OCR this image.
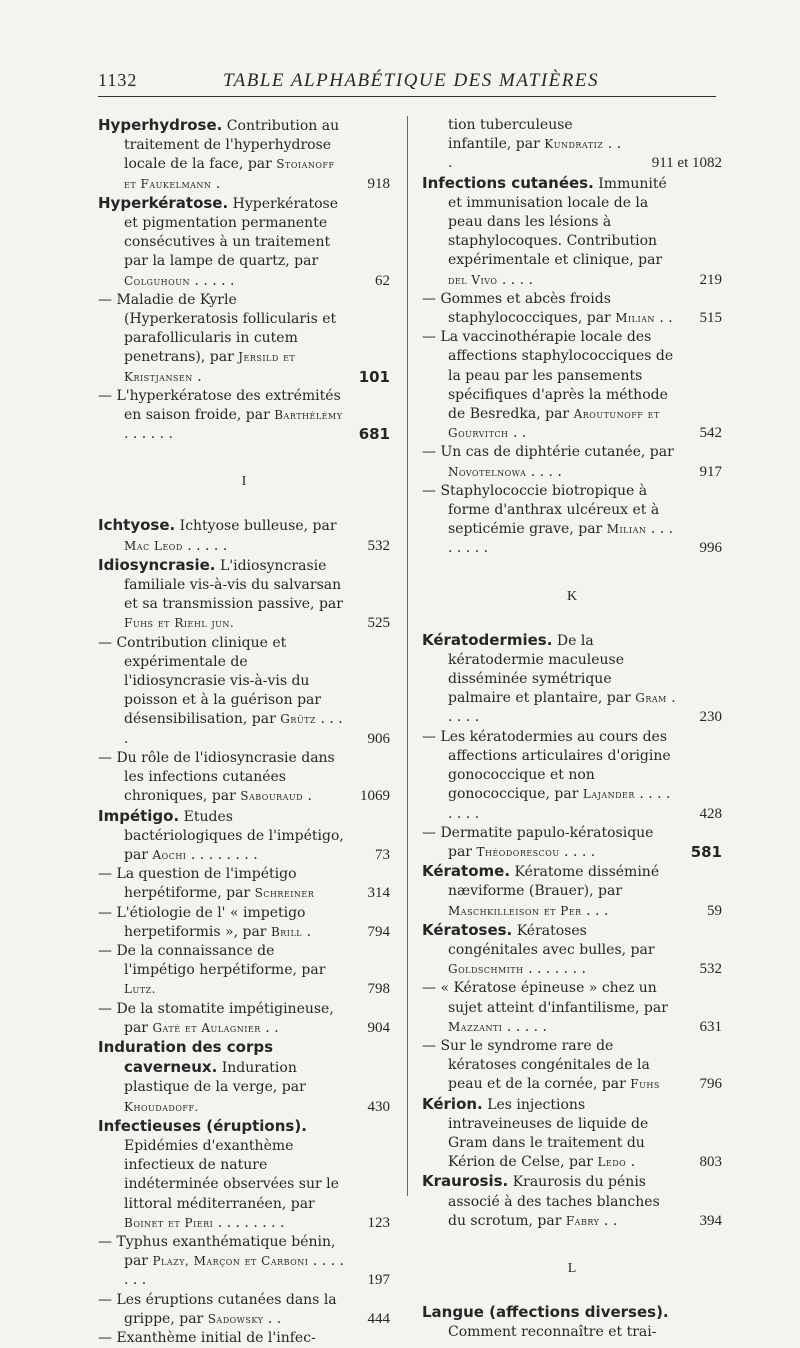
1132	TABLE ALPHABÉTIQUE DES MATIÈRES
Hyperhydrose. Contribution au traitement de l'hyperhydrose locale de la face, par Stoianoff et Faukelmann .	918
Hyperkératose. Hyperkératose et pigmentation permanente consécutives à un traitement par la lampe de quartz, par Colguhoun . . . . .	62
— Maladie de Kyrle (Hyperkeratosis follicularis et parafollicularis in cutem penetrans), par Jersild et Kristjansen .	101
— L'hyperkératose des extrémités en saison froide, par Barthélémy . . . . . .	681
I
Ichtyose. Ichtyose bulleuse, par Mac Leod . . . . .	532
Idiosyncrasie. L'idiosyncrasie familiale vis-à-vis du salvarsan et sa transmission passive, par Fuhs et Riehl jun.	525
— Contribution clinique et expérimentale de l'idiosyncrasie vis-à-vis du poisson et à la guérison par désensibilisation, par Grütz . . . .	906
— Du rôle de l'idiosyncrasie dans les infections cutanées chroniques, par Sabouraud .	1069
Impétigo. Etudes bactériologiques de l'impétigo, par Aochi . . . . . . . .	73
— La question de l'impétigo herpétiforme, par Schreiner	314
— L'étiologie de l' « impetigo herpetiformis », par Brill .	794
— De la connaissance de l'impétigo herpétiforme, par Lutz.	798
— De la stomatite impétigineuse, par Gaté et Aulagnier . .	904
Induration des corps caverneux. Induration plastique de la verge, par Khoudadoff.	430
Infectieuses (éruptions). Epidémies d'exanthème infectieux de nature indéterminée observées sur le littoral méditerranéen, par Boinet et Pieri . . . . . . . .	123
— Typhus exanthématique bénin, par Plazy, Marçon et Carboni . . . . . . .	197
— Les éruptions cutanées dans la grippe, par Sadowsky . .	444
— Exanthème initial de l'infec-
tion tuberculeuse infantile, par Kundratiz . . .	911 et 1082
Infections cutanées. Immunité et immunisation locale de la peau dans les lésions à staphylocoques. Contribution expérimentale et clinique, par del Vivo . . . .	219
— Gommes et abcès froids staphylococciques, par Milian . . 515
— La vaccinothérapie locale des affections staphylococciques de la peau par les pansements spécifiques d'après la méthode de Besredka, par Aroutunoff et Gourvitch . .	542
— Un cas de diphtérie cutanée, par Novotelnowa . . . .	917
— Staphylococcie biotropique à forme d'anthrax ulcéreux et à septicémie grave, par Milian . . . . . . . .	996
K
Kératodermies. De la kératodermie maculeuse disséminée symétrique palmaire et plantaire, par Gram . . . . .	230
— Les kératodermies au cours des affections articulaires d'origine gonococcique et non gonococcique, par Lajander . . . . . . . .	428
— Dermatite papulo-kératosique par Théodorescou . . . .	581
Kératome. Kératome disséminé næviforme (Brauer), par Maschkilleison et Per . . .	59
Kératoses. Kératoses congénitales avec bulles, par Goldschmith . . . . . . .	532
— « Kératose épineuse » chez un sujet atteint d'infantilisme, par Mazzanti . . . . .	631
— Sur le syndrome rare de kératoses congénitales de la peau et de la cornée, par Fuhs	796
Kérion. Les injections intraveineuses de liquide de Gram dans le traitement du Kérion de Celse, par Ledo .	803
Kraurosis. Kraurosis du pénis associé à des taches blanches du scrotum, par Fabry . .	394
L
Langue (affections diverses). Comment reconnaître et trai-
